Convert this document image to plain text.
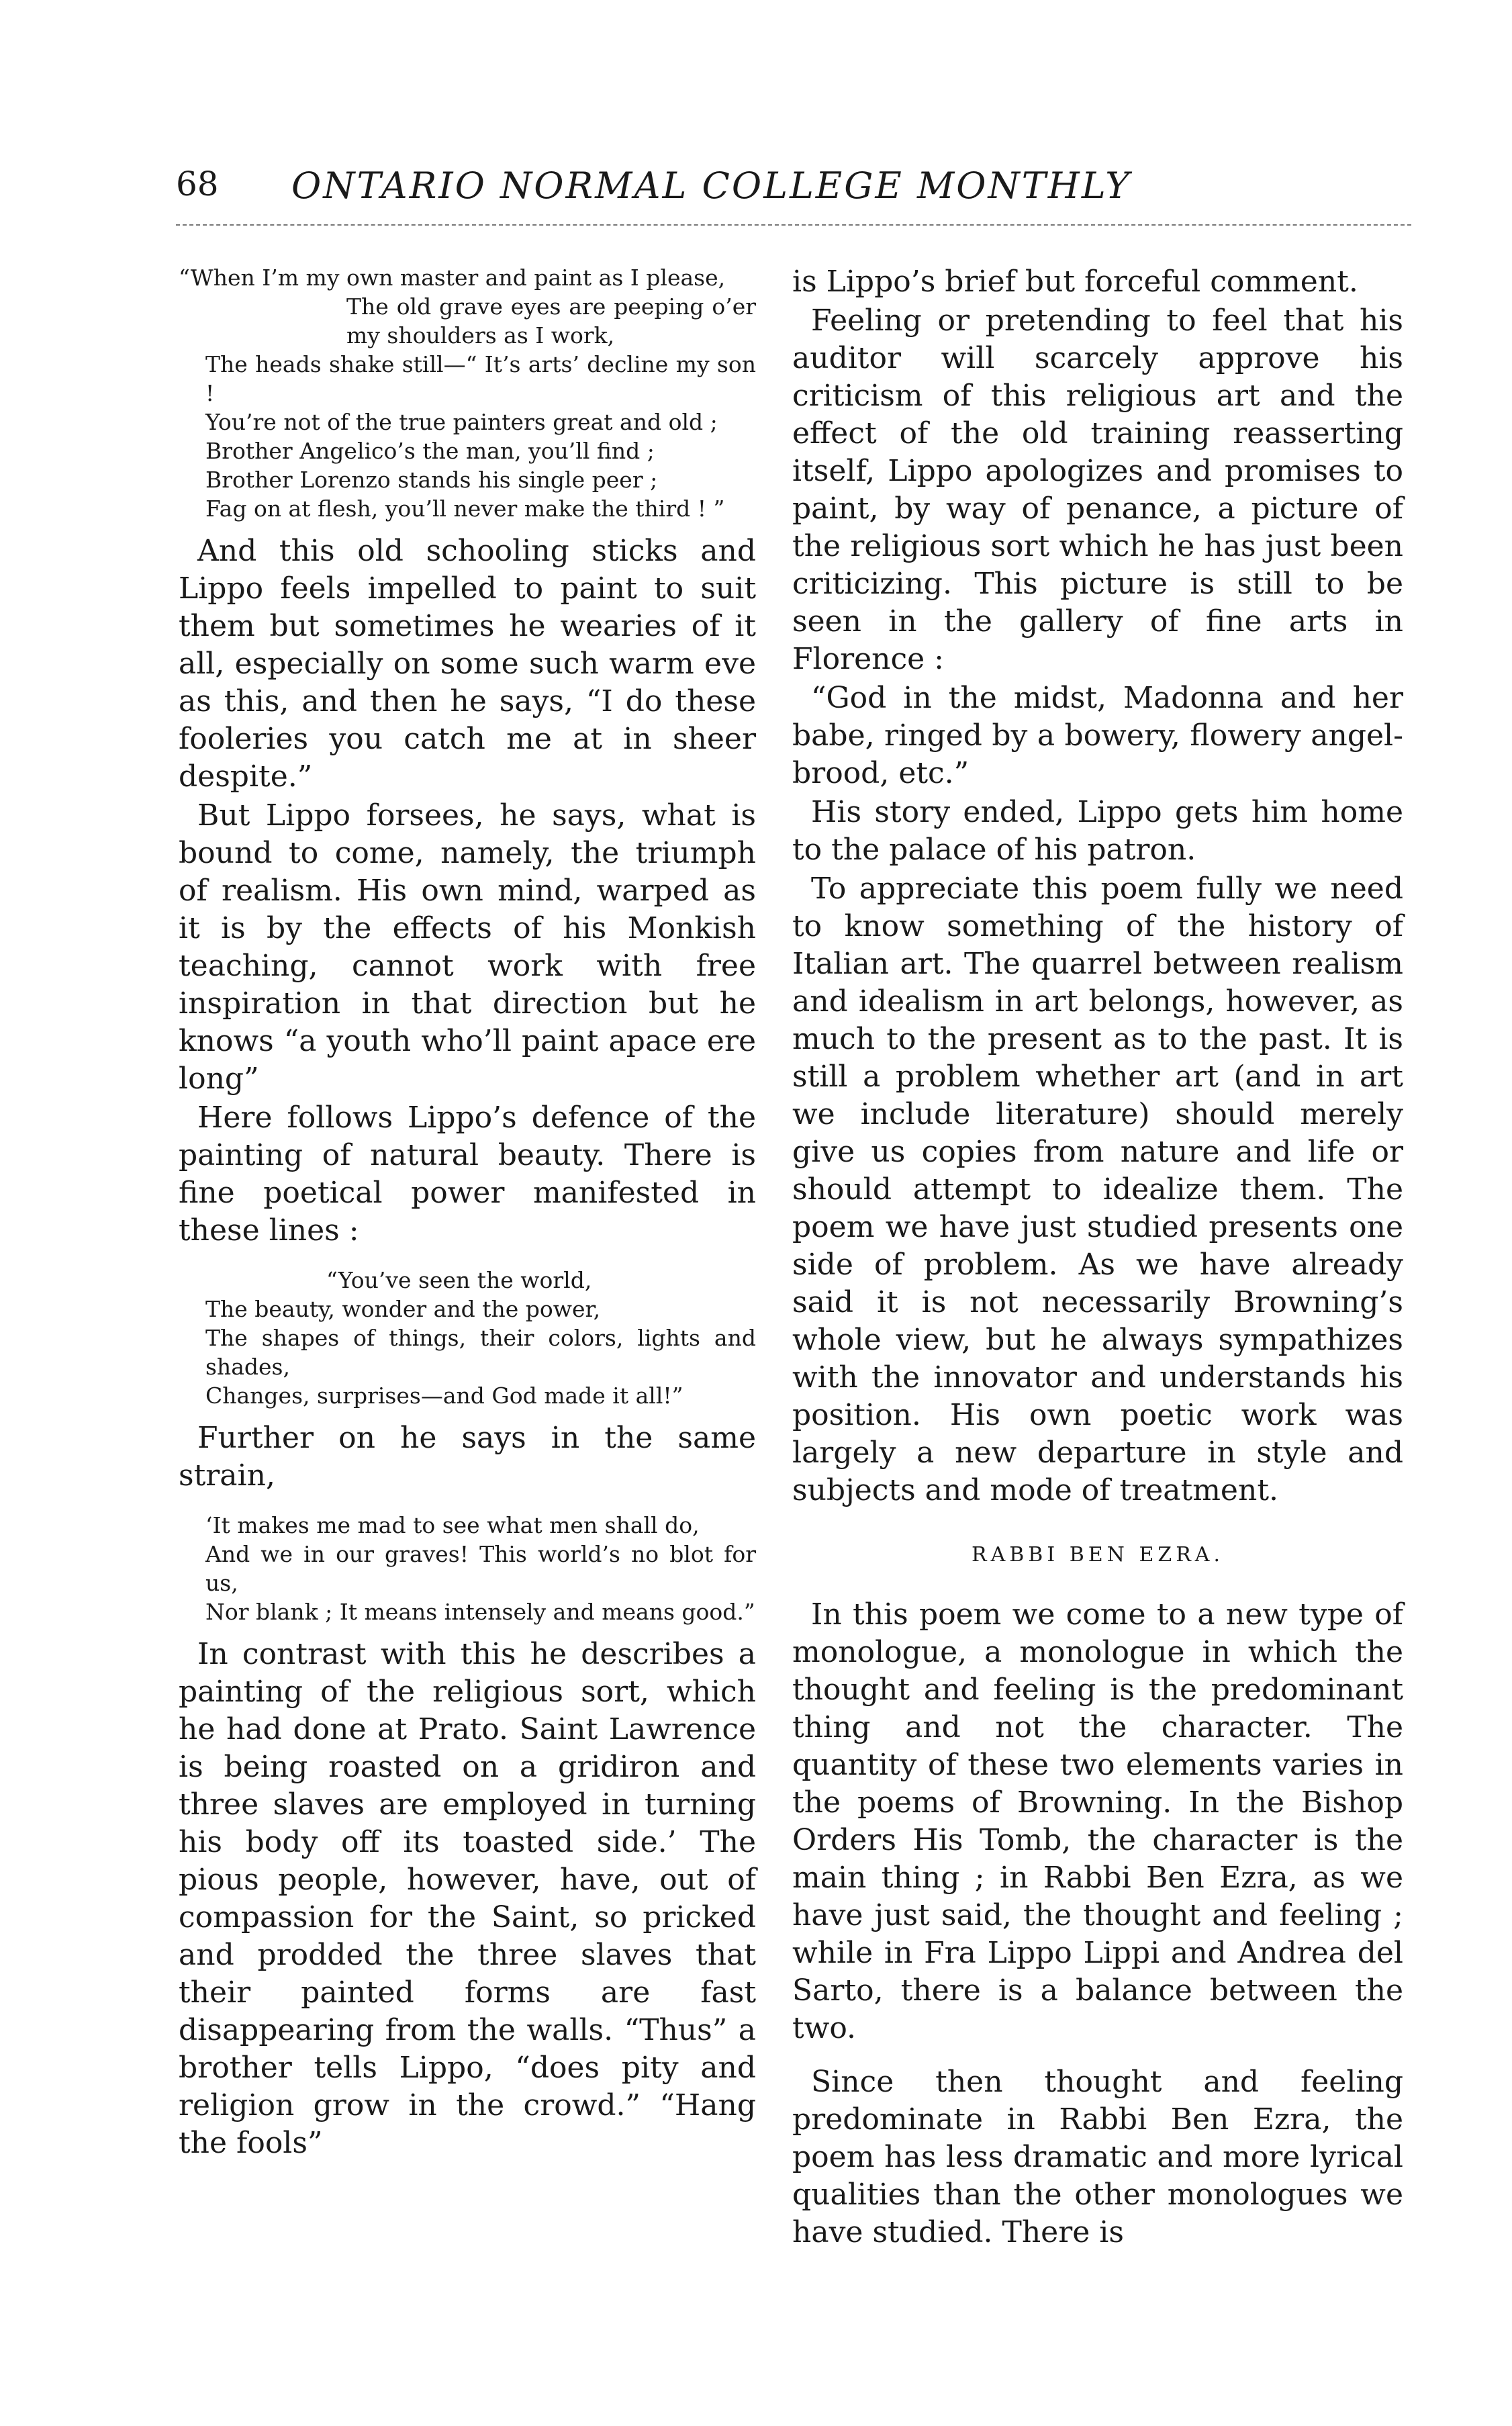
68 ONTARIO NORMAL COLLEGE MONTHLY
“When I’m my own master and paint as I please,
The old grave eyes are peeping o’er my shoulders as I work,
The heads shake still—“ It’s arts’ decline my son !
You’re not of the true painters great and old ;
Brother Angelico’s the man, you’ll find ;
Brother Lorenzo stands his single peer ;
Fag on at flesh, you’ll never make the third ! ”

And this old schooling sticks and Lippo feels impelled to paint to suit them but sometimes he wearies of it all, especially on some such warm eve as this, and then he says, “I do these fooleries you catch me at in sheer despite.”

But Lippo forsees, he says, what is bound to come, namely, the triumph of realism. His own mind, warped as it is by the effects of his Monkish teaching, cannot work with free inspiration in that direction but he knows “a youth who’ll paint apace ere long”

Here follows Lippo’s defence of the painting of natural beauty. There is fine poetical power manifested in these lines :

“You’ve seen the world,
The beauty, wonder and the power,
The shapes of things, their colors, lights and shades,
Changes, surprises—and God made it all!”

Further on he says in the same strain,

‘It makes me mad to see what men shall do,
And we in our graves! This world’s no blot for us,
Nor blank ; It means intensely and means good.”

In contrast with this he describes a painting of the religious sort, which he had done at Prato. Saint Lawrence is being roasted on a gridiron and three slaves are employed in turning his body off its toasted side.’ The pious people, however, have, out of compassion for the Saint, so pricked and prodded the three slaves that their painted forms are fast disappearing from the walls. “Thus” a brother tells Lippo, “does pity and religion grow in the crowd.” “Hang the fools”

is Lippo’s brief but forceful comment.

Feeling or pretending to feel that his auditor will scarcely approve his criticism of this religious art and the effect of the old training reasserting itself, Lippo apologizes and promises to paint, by way of penance, a picture of the religious sort which he has just been criticizing. This picture is still to be seen in the gallery of fine arts in Florence :

“God in the midst, Madonna and her babe, ringed by a bowery, flowery angel-brood, etc.”

His story ended, Lippo gets him home to the palace of his patron.

To appreciate this poem fully we need to know something of the history of Italian art. The quarrel between realism and idealism in art belongs, however, as much to the present as to the past. It is still a problem whether art (and in art we include literature) should merely give us copies from nature and life or should attempt to idealize them. The poem we have just studied presents one side of problem. As we have already said it is not necessarily Browning’s whole view, but he always sympathizes with the innovator and understands his position. His own poetic work was largely a new departure in style and subjects and mode of treatment.

RABBI BEN EZRA.

In this poem we come to a new type of monologue, a monologue in which the thought and feeling is the predominant thing and not the character. The quantity of these two elements varies in the poems of Browning. In the Bishop Orders His Tomb, the character is the main thing ; in Rabbi Ben Ezra, as we have just said, the thought and feeling ; while in Fra Lippo Lippi and Andrea del Sarto, there is a balance between the two.

Since then thought and feeling predominate in Rabbi Ben Ezra, the poem has less dramatic and more lyrical qualities than the other monologues we have studied. There is
